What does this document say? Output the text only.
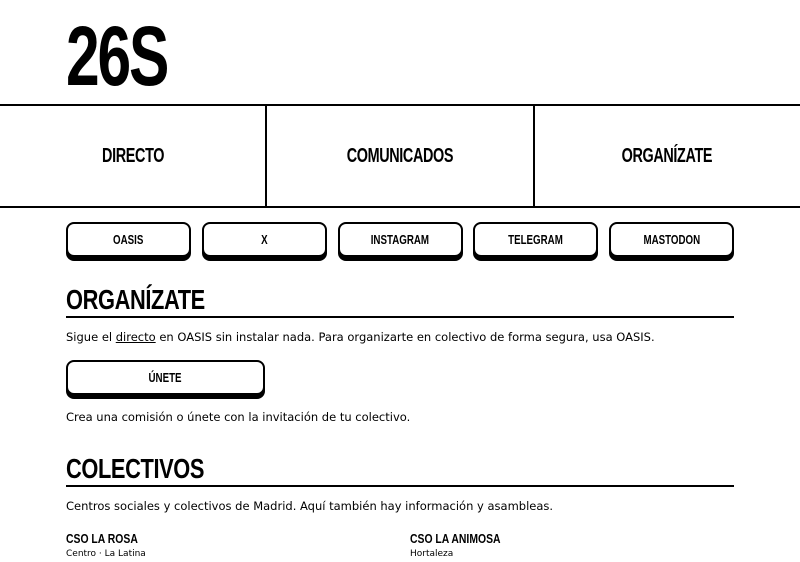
26S
DIRECTO	COMUNICADOS	ORGANÍZATE
OASIS	X	INSTAGRAM	TELEGRAM	MASTODON
ORGANÍZATE

Sigue el directo en OASIS sin instalar nada. Para organizarte en colectivo de forma segura, usa OASIS.

ÚNETE

Crea una comisión o únete con la invitación de tu colectivo.

COLECTIVOS

Centros sociales y colectivos de Madrid. Aquí también hay información y asambleas.

CSO LA ROSA
Centro · La Latina
CSO LA ANIMOSA
Hortaleza
